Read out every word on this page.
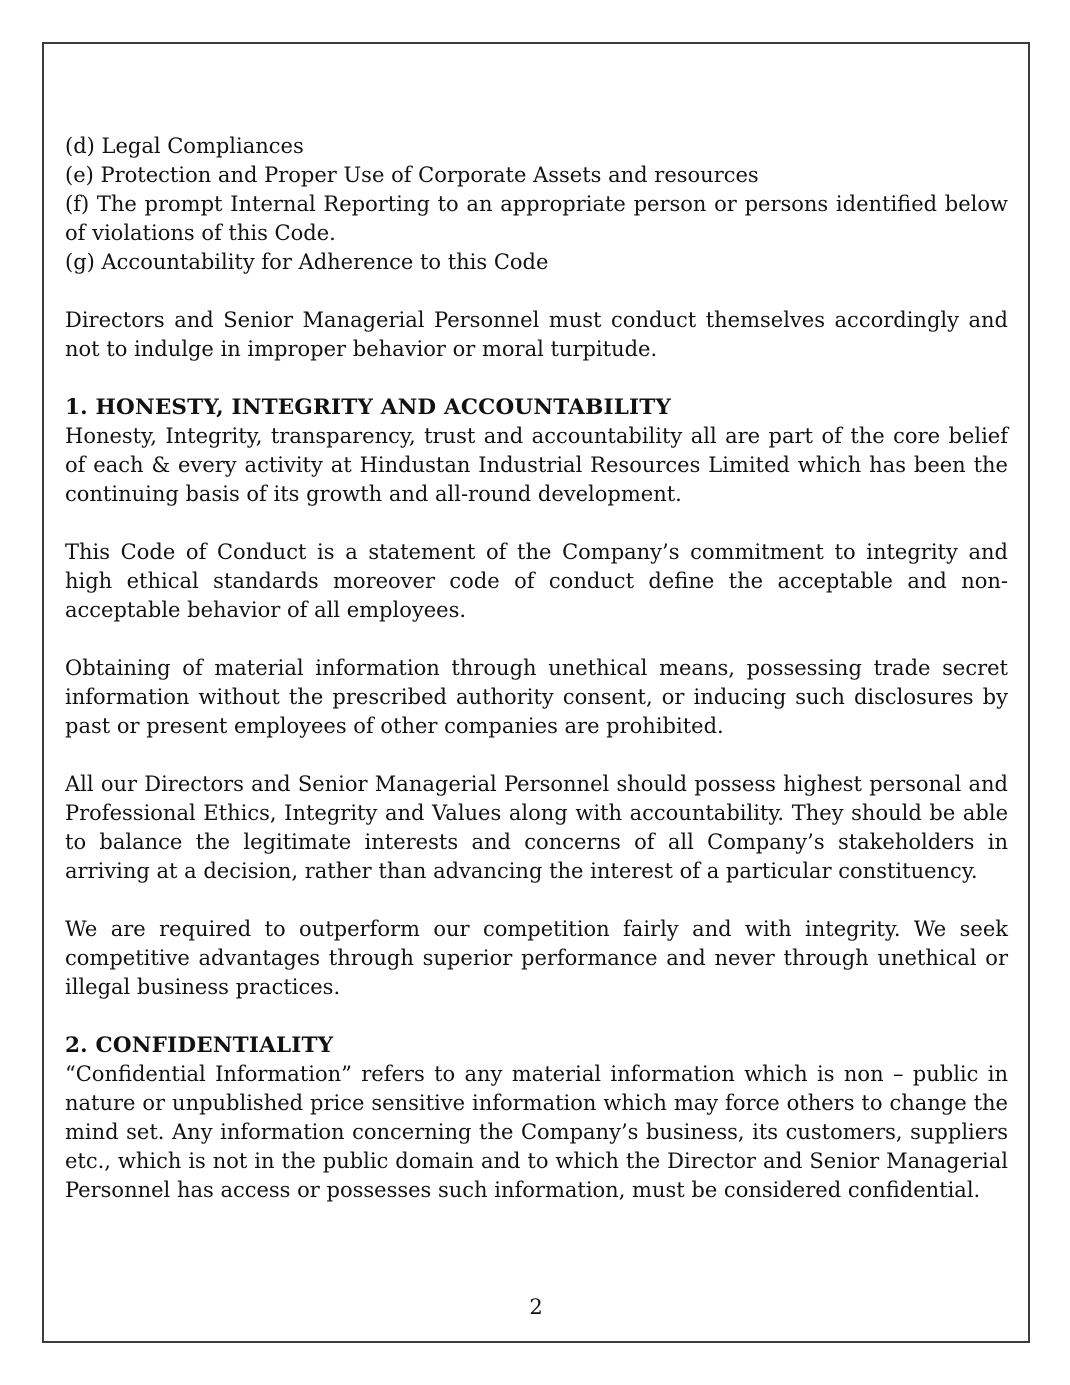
(d) Legal Compliances

(e) Protection and Proper Use of Corporate Assets and resources

(f) The prompt Internal Reporting to an appropriate person or persons identified below of violations of this Code.

(g) Accountability for Adherence to this Code

Directors and Senior Managerial Personnel must conduct themselves accordingly and not to indulge in improper behavior or moral turpitude.

1. HONESTY, INTEGRITY AND ACCOUNTABILITY

Honesty, Integrity, transparency, trust and accountability all are part of the core belief of each & every activity at Hindustan Industrial Resources Limited which has been the continuing basis of its growth and all-round development.

This Code of Conduct is a statement of the Company’s commitment to integrity and high ethical standards moreover code of conduct define the acceptable and non-acceptable behavior of all employees.

Obtaining of material information through unethical means, possessing trade secret information without the prescribed authority consent, or inducing such disclosures by past or present employees of other companies are prohibited.

All our Directors and Senior Managerial Personnel should possess highest personal and Professional Ethics, Integrity and Values along with accountability. They should be able to balance the legitimate interests and concerns of all Company’s stakeholders in arriving at a decision, rather than advancing the interest of a particular constituency.

We are required to outperform our competition fairly and with integrity. We seek competitive advantages through superior performance and never through unethical or illegal business practices.

2. CONFIDENTIALITY

“Confidential Information” refers to any material information which is non – public in nature or unpublished price sensitive information which may force others to change the mind set. Any information concerning the Company’s business, its customers, suppliers etc., which is not in the public domain and to which the Director and Senior Managerial Personnel has access or possesses such information, must be considered confidential.

2
